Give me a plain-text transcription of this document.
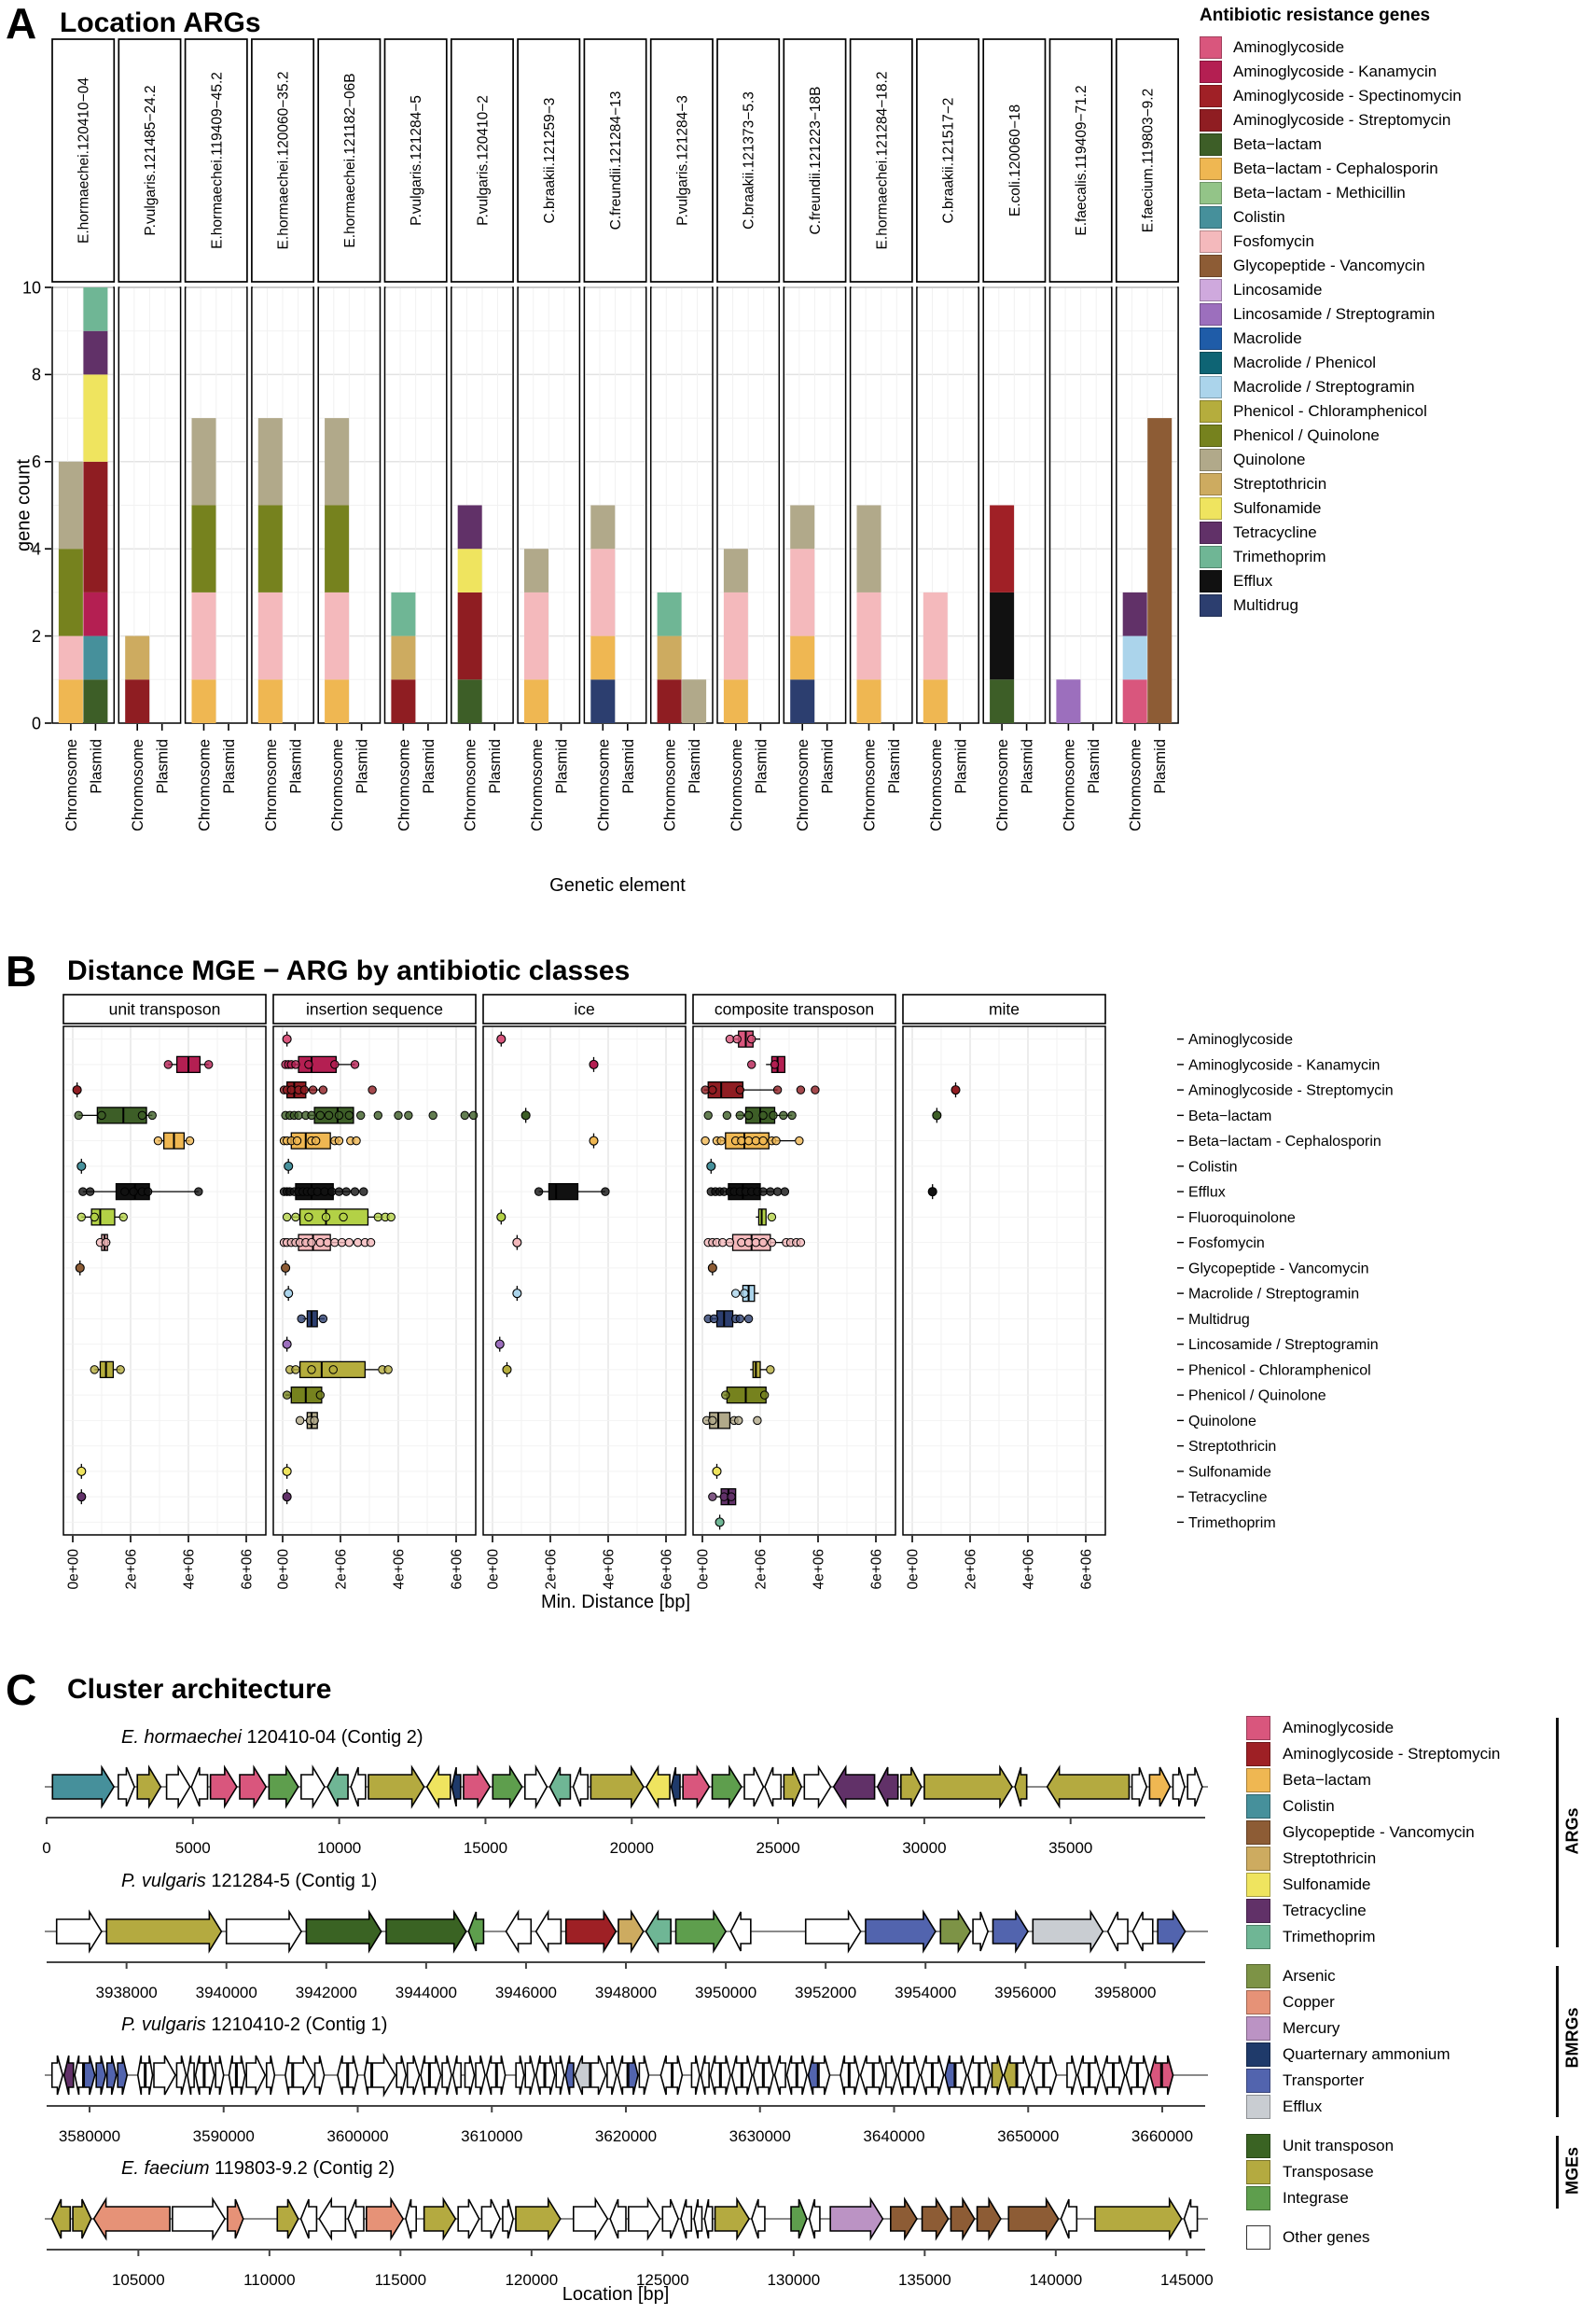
A Location ARGs
0
2
4
6
8
10
E.hormaechei.120410−04
Chromosome Plasmid
P.vulgaris.121485−24.2
Chromosome Plasmid
E.hormaechei.119409−45.2
Chromosome Plasmid
E.hormaechei.120060−35.2
Chromosome Plasmid
E.hormaechei.121182−06B
Chromosome Plasmid
P.vulgaris.121284−5
Chromosome Plasmid
P.vulgaris.120410−2
Chromosome Plasmid
C.braakii.121259−3
Chromosome Plasmid
C.freundii.121284−13
Chromosome Plasmid
P.vulgaris.121284−3
Chromosome Plasmid
C.braakii.121373−5.3
Chromosome Plasmid
C.freundii.121223−18B
Chromosome Plasmid
E.hormaechei.121284−18.2
Chromosome Plasmid
C.braakii.121517−2
Chromosome Plasmid
E.coli.120060−18
Chromosome Plasmid
E.faecalis.119409−71.2
Chromosome Plasmid
E.faecium.119803−9.2
Chromosome Plasmid
gene count
Genetic element
Antibiotic resistance genes
Aminoglycoside
Aminoglycoside - Kanamycin
Aminoglycoside - Spectinomycin
Aminoglycoside - Streptomycin
Beta−lactam
Beta−lactam - Cephalosporin
Beta−lactam - Methicillin
Colistin
Fosfomycin
Glycopeptide - Vancomycin
Lincosamide
Lincosamide / Streptogramin
Macrolide
Macrolide / Phenicol
Macrolide / Streptogramin
Phenicol - Chloramphenicol
Phenicol / Quinolone
Quinolone
Streptothricin
Sulfonamide
Tetracycline
Trimethoprim
Efflux
Multidrug
B Distance MGE − ARG by antibiotic classes
unit transposon
0e+00	2e+06	4e+06	6e+06
insertion sequence
0e+00	2e+06	4e+06	6e+06
ice
0e+00	2e+06	4e+06	6e+06
composite transposon
0e+00	2e+06	4e+06	6e+06
mite
0e+00	2e+06	4e+06	6e+06
Aminoglycoside
Aminoglycoside - Kanamycin
Aminoglycoside - Streptomycin
Beta−lactam
Beta−lactam - Cephalosporin
Colistin
Efflux
Fluoroquinolone
Fosfomycin
Glycopeptide - Vancomycin
Macrolide / Streptogramin
Multidrug
Lincosamide / Streptogramin
Phenicol - Chloramphenicol
Phenicol / Quinolone
Quinolone
Streptothricin
Sulfonamide
Tetracycline
Trimethoprim
Min. Distance [bp]
C Cluster architecture
E. hormaechei 120410-04 (Contig 2)
0	5000	10000	15000	20000	25000	30000	35000
P. vulgaris 121284-5 (Contig 1)
3938000 3940000 3942000 3944000 3946000 3948000 3950000 3952000 3954000 3956000 3958000
P. vulgaris 1210410-2 (Contig 1)
3580000	3590000	3600000	3610000	3620000	3630000	3640000	3650000	3660000
E. faecium 119803-9.2 (Contig 2)
105000	110000	115000	120000	125000	130000	135000	140000	145000
Location [bp]
Aminoglycoside
Aminoglycoside - Streptomycin
Beta−lactam
Colistin
Glycopeptide - Vancomycin
Streptothricin
Sulfonamide
Tetracycline
Trimethoprim
Arsenic
Copper
Mercury
Quarternary ammonium
Transporter
Efflux
Unit transposon
Transposase
Integrase
Other genes
ARGs
BMRGs
MGEs
